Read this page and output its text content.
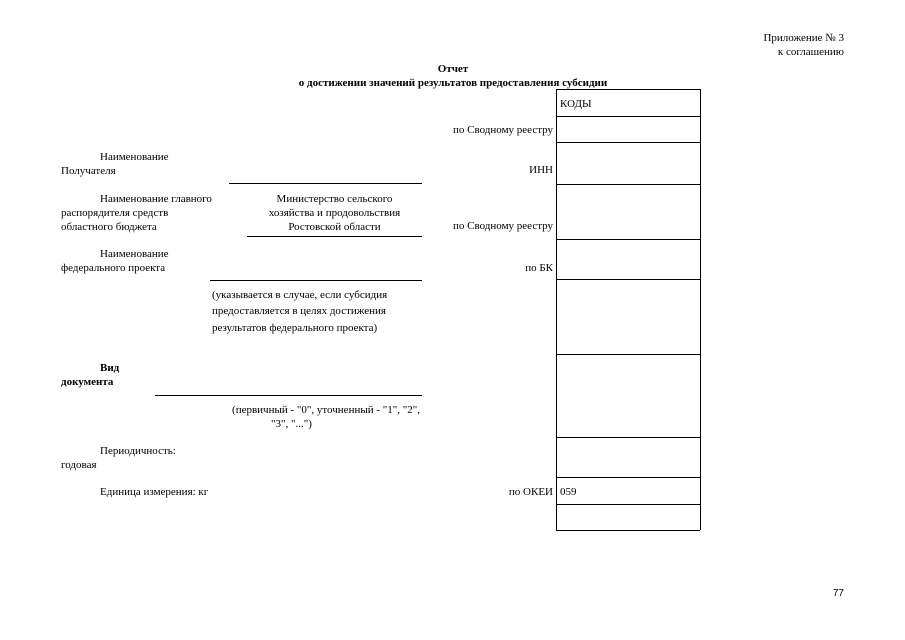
Приложение № 3
к соглашению
Отчет
о достижении значений результатов предоставления субсидии
КОДЫ
059
по Сводному реестру
ИНН
по Сводному реестру
по БК
по ОКЕИ
Наименование
Получателя
Наименование главного
распорядителя средств
областного бюджета
Министерство сельского
хозяйства и продовольствия
Ростовской области
Наименование
федерального проекта
(указывается в случае, если субсидия
предоставляется в целях достижения
результатов федерального проекта)
Вид
документа
(первичный - "0", уточненный - "1", "2",
"3", "...")
Периодичность:
годовая
Единица измерения: кг
77
